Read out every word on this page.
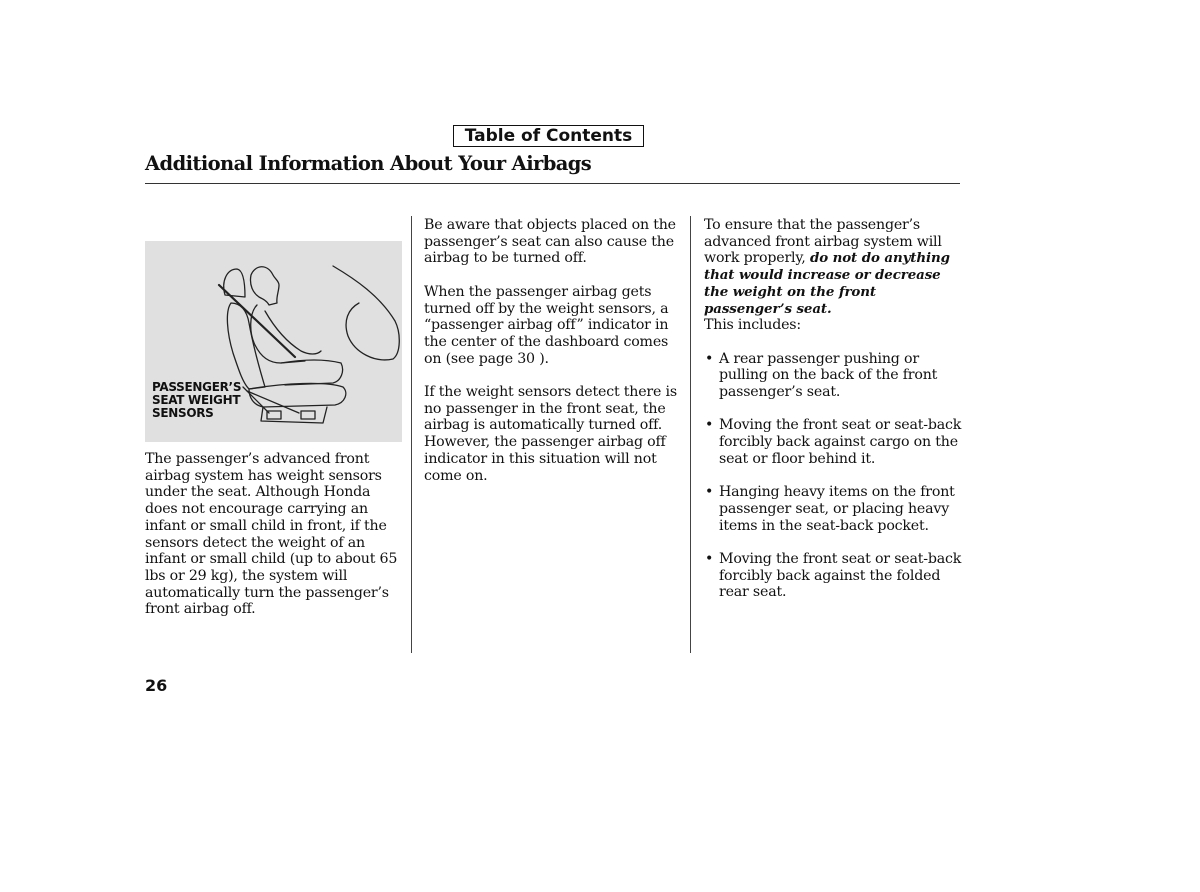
Table of Contents
Additional Information About Your Airbags
PASSENGER’S
SEAT WEIGHT
SENSORS

The passenger’s advanced front airbag system has weight sensors under the seat. Although Honda does not encourage carrying an infant or small child in front, if the sensors detect the weight of an infant or small child (up to about 65 lbs or 29 kg), the system will automatically turn the passenger’s front airbag off.

Be aware that objects placed on the passenger’s seat can also cause the airbag to be turned off.

When the passenger airbag gets turned off by the weight sensors, a “passenger airbag off” indicator in the center of the dashboard comes on (see page 30 ).

If the weight sensors detect there is no passenger in the front seat, the airbag is automatically turned off. However, the passenger airbag off indicator in this situation will not come on.

To ensure that the passenger’s advanced front airbag system will work properly, do not do anything that would increase or decrease the weight on the front passenger’s seat.
This includes:

• A rear passenger pushing or pulling on the back of the front passenger’s seat.
• Moving the front seat or seat-back forcibly back against cargo on the seat or floor behind it.
• Hanging heavy items on the front passenger seat, or placing heavy items in the seat-back pocket.
• Moving the front seat or seat-back forcibly back against the folded rear seat.
26
